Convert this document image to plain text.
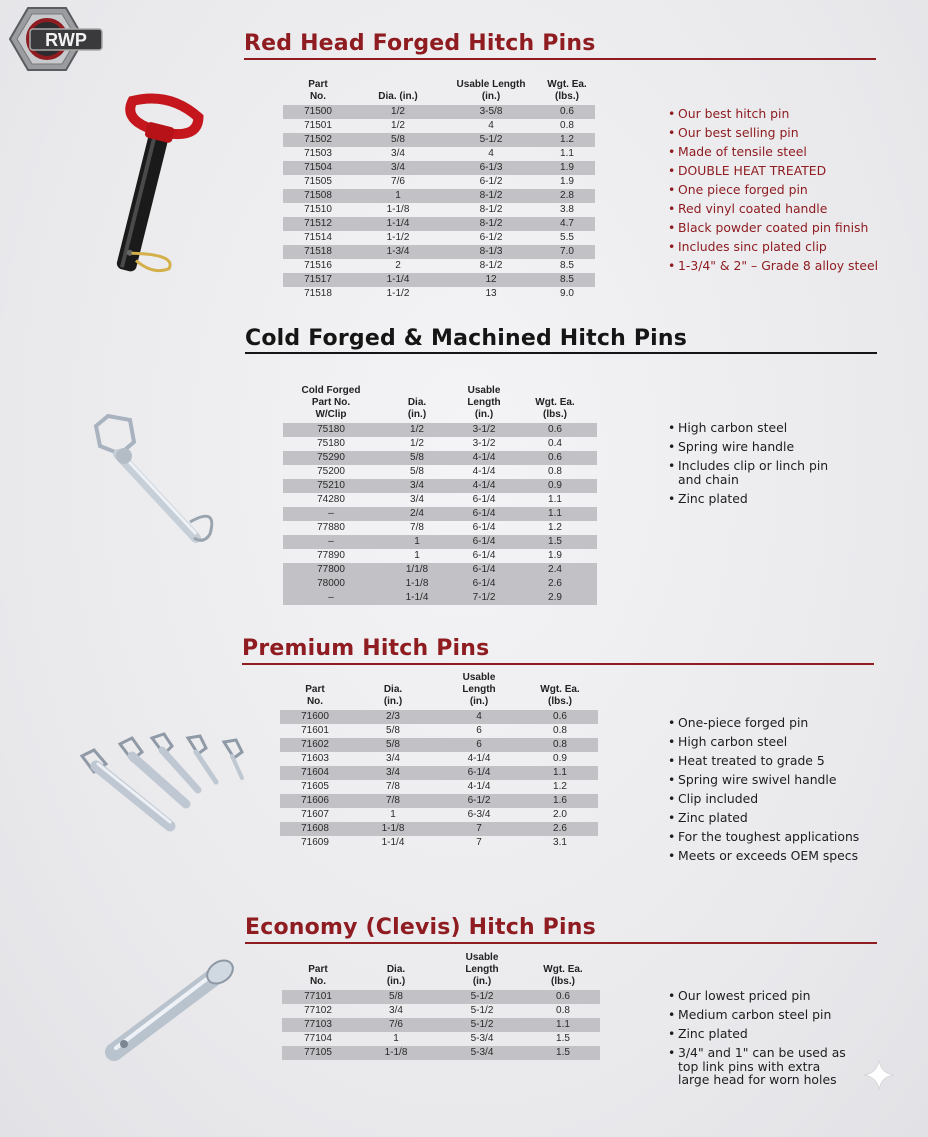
RWP	Red Head Forged Hitch Pins
Part
No.	Dia. (in.)	Usable Length
(in.)	Wgt. Ea.
(lbs.)
71500	1/2	3-5/8	0.6
71501	1/2	4	0.8
71502	5/8	5-1/2	1.2
71503	3/4	4	1.1
71504	3/4	6-1/3	1.9
71505	7/6	6-1/2	1.9
71508	1	8-1/2	2.8
71510	1-1/8	8-1/2	3.8
71512	1-1/4	8-1/2	4.7
71514	1-1/2	6-1/2	5.5
71518	1-3/4	8-1/3	7.0
71516	2	8-1/2	8.5
71517	1-1/4	12	8.5
71518	1-1/2	13	9.0
• Our best hitch pin
• Our best selling pin
• Made of tensile steel
• DOUBLE HEAT TREATED
• One piece forged pin
• Red vinyl coated handle
• Black powder coated pin finish
• Includes sinc plated clip
• 1-3/4" & 2" – Grade 8 alloy steel
Cold Forged & Machined Hitch Pins
Cold Forged
Part No.
W/Clip	Dia.
(in.)	Usable
Length
(in.)	Wgt. Ea.
(lbs.)
75180	1/2	3-1/2	0.6
75180	1/2	3-1/2	0.4
75290	5/8	4-1/4	0.6
75200	5/8	4-1/4	0.8
75210	3/4	4-1/4	0.9
74280	3/4	6-1/4	1.1
–	2/4	6-1/4	1.1
77880	7/8	6-1/4	1.2
–	1	6-1/4	1.5
77890	1	6-1/4	1.9
77800	1/1/8	6-1/4	2.4
78000	1-1/8	6-1/4	2.6
–	1-1/4	7-1/2	2.9
• High carbon steel
• Spring wire handle
• Includes clip or linch pin and chain
• Zinc plated
Premium Hitch Pins
Part
No.	Dia.
(in.)	Usable
Length
(in.)	Wgt. Ea.
(lbs.)
71600	2/3	4	0.6
71601	5/8	6	0.8
71602	5/8	6	0.8
71603	3/4	4-1/4	0.9
71604	3/4	6-1/4	1.1
71605	7/8	4-1/4	1.2
71606	7/8	6-1/2	1.6
71607	1	6-3/4	2.0
71608	1-1/8	7	2.6
71609	1-1/4	7	3.1
• One-piece forged pin
• High carbon steel
• Heat treated to grade 5
• Spring wire swivel handle
• Clip included
• Zinc plated
• For the toughest applications
• Meets or exceeds OEM specs
Economy (Clevis) Hitch Pins
Part
No.	Dia.
(in.)	Usable
Length
(in.)	Wgt. Ea.
(lbs.)
77101	5/8	5-1/2	0.6
77102	3/4	5-1/2	0.8
77103	7/6	5-1/2	1.1
77104	1	5-3/4	1.5
77105	1-1/8	5-3/4	1.5
• Our lowest priced pin
• Medium carbon steel pin
• Zinc plated
• 3/4" and 1" can be used as top link pins with extra large head for worn holes
